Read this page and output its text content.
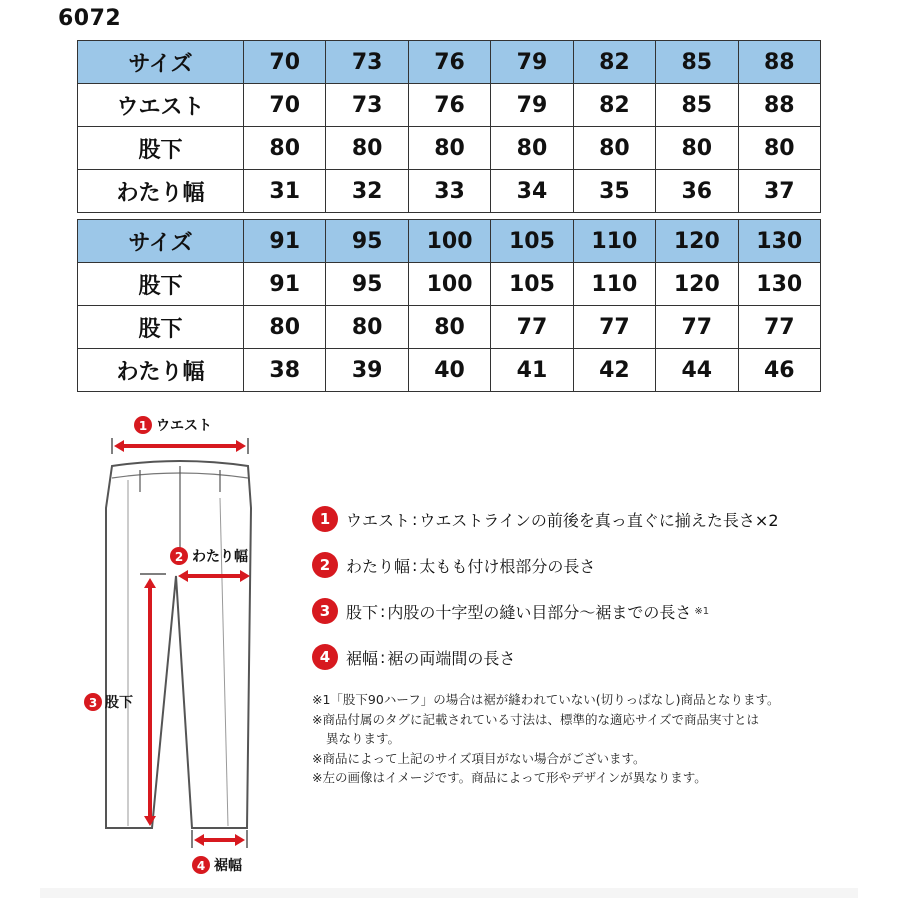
6072
サイズ	70	73	76	79	82	85	88
ウエスト	70	73	76	79	82	85	88
股下	80	80	80	80	80	80	80
わたり幅	31	32	33	34	35	36	37
サイズ	91	95	100	105	110	120	130
股下	91	95	100	105	110	120	130
股下	80	80	80	77	77	77	77
わたり幅	38	39	40	41	42	44	46
1 ウエスト
2 わたり幅
3 股下
4 裾幅
1 ウエスト : ウエストラインの前後を真っ直ぐに揃えた長さ×2
2 わたり幅 : 太もも付け根部分の長さ
3 股下 : 内股の十字型の縫い目部分〜裾までの長さ ※1
4 裾幅 : 裾の両端間の長さ

※1「股下90ハーフ」の場合は裾が縫われていない(切りっぱなし)商品となります。

※商品付属のタグに記載されている寸法は、標準的な適応サイズで商品実寸とは

異なります。

※商品によって上記のサイズ項目がない場合がございます。

※左の画像はイメージです。商品によって形やデザインが異なります。
